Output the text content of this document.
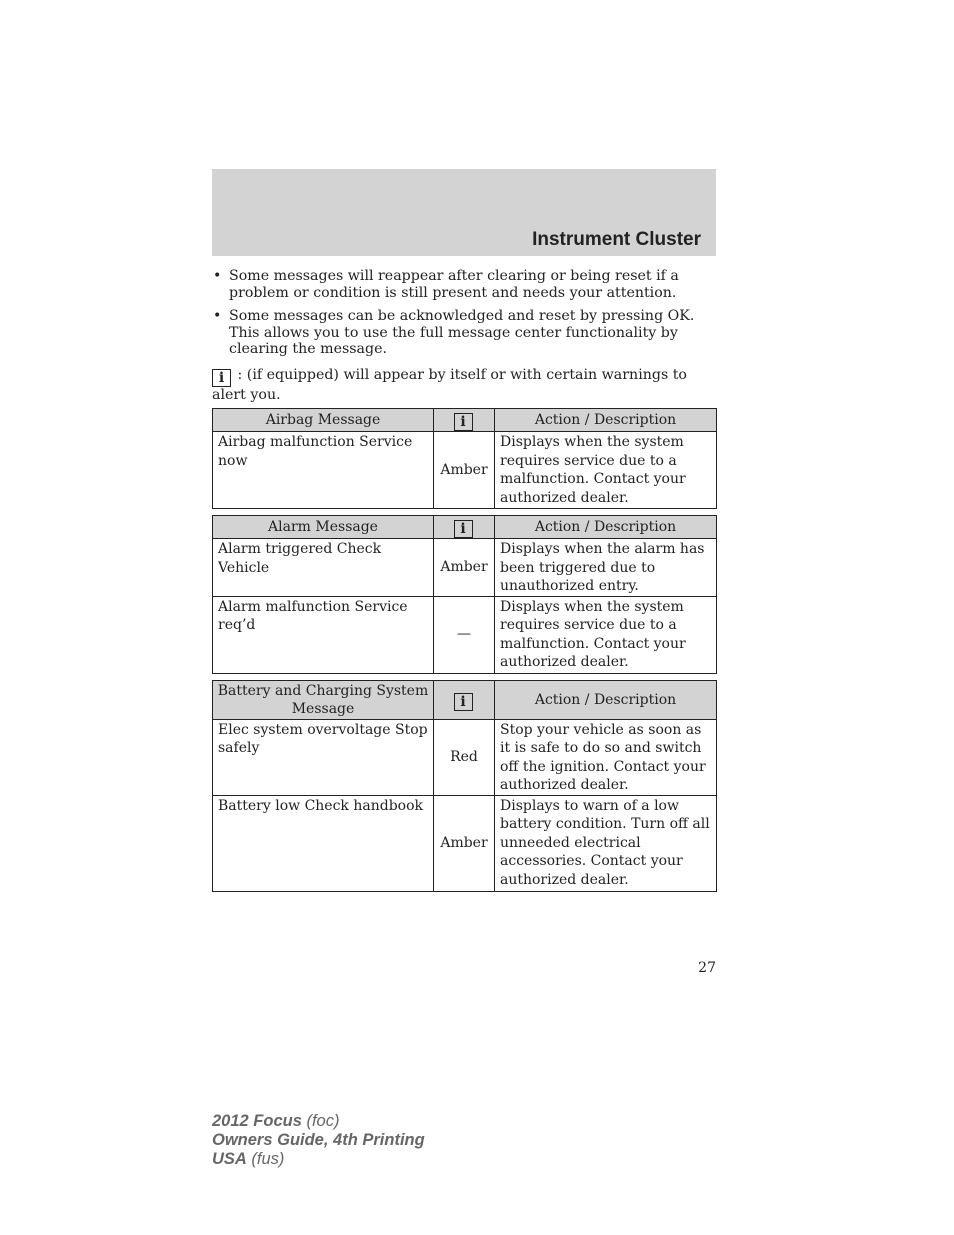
Instrument Cluster
• Some messages will reappear after clearing or being reset if a problem or condition is still present and needs your attention.
• Some messages can be acknowledged and reset by pressing OK. This allows you to use the full message center functionality by clearing the message.

i : (if equipped) will appear by itself or with certain warnings to alert you.

Airbag Message	i	Action / Description
Airbag malfunction Service now	Amber	Displays when the system requires service due to a malfunction. Contact your authorized dealer.
Alarm Message	i	Action / Description
Alarm triggered Check Vehicle	Amber	Displays when the alarm has been triggered due to unauthorized entry.
Alarm malfunction Service req’d	—	Displays when the system requires service due to a malfunction. Contact your authorized dealer.
Battery and Charging System Message	i	Action / Description
Elec system overvoltage Stop safely	Red	Stop your vehicle as soon as it is safe to do so and switch off the ignition. Contact your authorized dealer.
Battery low Check handbook	Amber	Displays to warn of a low battery condition. Turn off all unneeded electrical accessories. Contact your authorized dealer.
27
2012 Focus (foc)
Owners Guide, 4th Printing
USA (fus)
